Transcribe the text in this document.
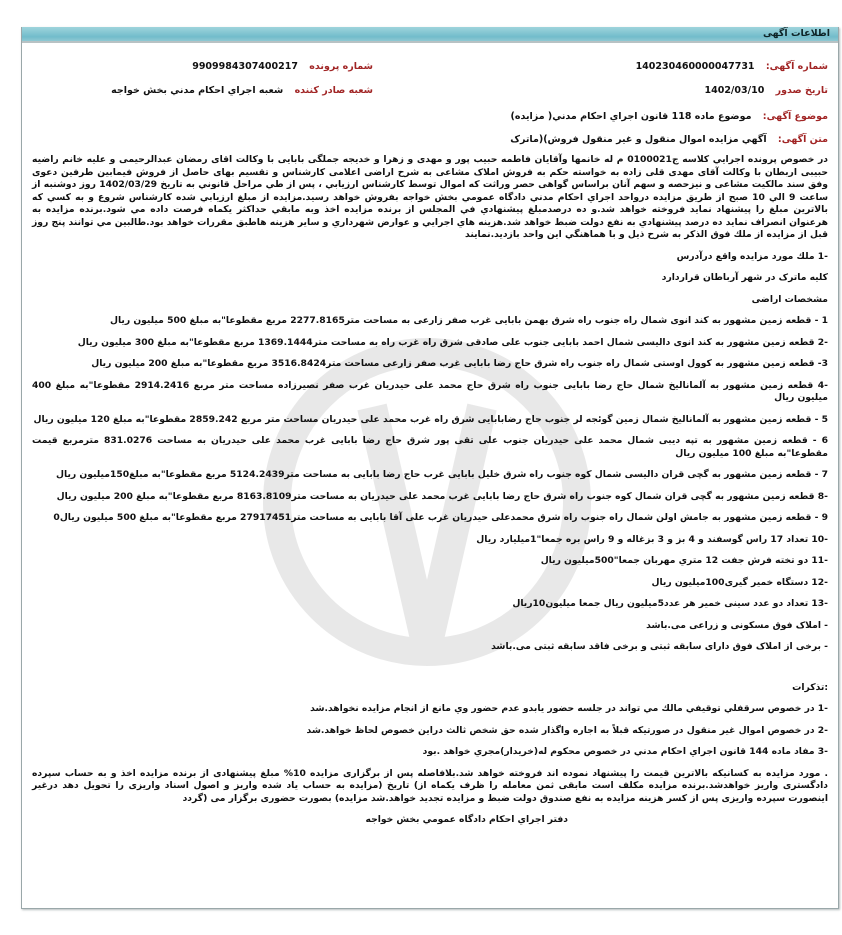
اطلاعات آگهی
شماره آگهی: 140230460000047731
شماره پرونده 9909984307400217
تاریخ صدور 1402/03/10
شعبه صادر کننده شعبه اجراي احكام مدني بخش خواجه
موضوع آگهی: موضوع ماده 118 قانون اجراي احكام مدني( مزايده)
متن آگهی: آگهي مزايده اموال منقول و غير منقول فروش)(ماترک

در خصوص پرونده اجرايي كلاسه ج0100021 م له خانمها وآقايان فاطمه حبیب پور و مهدی و زهرا و خدیجه جملگی بابایی با وکالت اقای رمضان عبدالرحیمی و علیه خانم راضیه حبیبی اربطان با وکالت آقای مهدی قلی زاده به خواسته حکم به فروش املاک مشاعی به شرح اراضی اعلامی کارشناس و تقسیم بهای حاصل از فروش فیمابین طرفین دعوی وفق سند مالکیت مشاعی و نیزحصه و سهم آنان براساس گواهی حصر وراثت که اموال توسط كارشناس ارزيابي ، پس از طي مراحل قانوني به تاريخ 1402/03/29 روز دوشنبه از ساعت 9 الي 10 صبح از طريق مزايده درواحد اجراي احكام مدني دادگاه عمومي بخش خواجه بفروش خواهد رسيد.مزايده از مبلغ ارزيابي شده كارشناس شروع و به كسي كه بالاترين مبلغ را پيشنهاد نمايد فروخته خواهد شد.و ده درصدمبلغ پيشنهادي في المجلس از برنده مزايده اخذ وبه مابقي حداكثر يكماه فرصت داده مي شود.برنده مزايده به هرعنوان انصراف نمايد ده درصد پيشنهادي به نفع دولت ضبط خواهد شد.هزينه هاي اجرايي و عوارض شهرداري و ساير هزينه هاطبق مقررات خواهد بود.طالبين مي توانند پنج روز قبل از مزايده از ملك فوق الذكر به شرح ذيل و با هماهنگي اين واحد بازديد.نمايند

-1 ملك مورد مزايده واقع درآدرس

كليه ماترک در شهر آرباطان قراردارد

مشخصات اراضی

1 - قطعه زمین مشهور به کند انوی شمال راه جنوب راه شرق بهمن بابایی غرب صفر زارعی به مساحت متر2277.8165 مربع مقطوعا"به مبلغ 500 میلیون ریال

-2 قطعه زمین مشهور به کند انوی دالیسی شمال احمد بابایی جنوب علی صادقی شرق راه غرب راه به مساحت متر1369.1444 مربع مقطوعا"به مبلغ 300 میلیون ریال

3- قطعه زمین مشهور به کوول اوستی شمال راه جنوب راه شرق حاج رضا بابایی غرب صفر زارعی مساحت متر3516.8424 مربع مقطوعا"به مبلغ 200 میلیون ریال

-4 قطعه زمین مشهور به آلمانالیخ شمال حاج رضا بابایی جنوب راه شرق حاج محمد علی حیدریان غرب صفر نصیرزاده مساحت متر مربع 2914.2416 مقطوعا"به مبلغ 400 میلیون ریال

5 - قطعه زمین مشهور به آلمانالیخ شمال زمین گوئجه لر جنوب حاج رضابابایی شرق راه غرب محمد علی حیدریان مساحت متر مربع 2859.242 مقطوعا"به مبلغ 120 میلیون ریال

6 - قطعه زمین مشهور به تپه دیبی شمال محمد علی حیدریان جنوب علی تقی پور شرق حاج رضا بابایی غرب محمد علی حیدریان به مساحت 831.0276 مترمربع قیمت مقطوعا"به مبلغ 100 میلیون ریال

7 - قطعه زمین مشهور به گچی قران دالیسی شمال کوه جنوب راه شرق خلیل بابایی غرب حاج رضا بابایی به مساحت متر5124.2439 مربع مقطوعا"به مبلغ150میلیون ریال

-8 قطعه زمین مشهور به گچی قران شمال کوه جنوب راه شرق حاج رضا بابایی غرب محمد علی حیدریان به مساحت متر8163.8109 مربع مقطوعا"به مبلغ 200 میلیون ریال

9 - قطعه زمین مشهور به جامش اولن شمال راه جنوب راه شرق محمدعلی حیدریان غرب علی آقا بابایی به مساحت متر27917451 مربع مقطوعا"به مبلغ 500 میلیون ریال0

-10 تعداد 17 راس گوسفند و 4 بز و 3 بزغاله و 9 راس بره جمعا"1میلیارد ریال

-11 دو تخته فرش جفت 12 متري مهربان جمعا"500میلیون ریال

-12 دستگاه خمیر گیری100میلیون ریال

-13 تعداد دو عدد سینی خمیر هر عدد5میلیون ریال جمعا میلیون10ریال

- املاک فوق مسکونی و زراعی می.باشد

- برخی از املاک فوق دارای سابقه ثبتی و برخی فاقد سابقه ثبتی می.باشد

:تذکرات

-1 در خصوص سرقفلي توقيفي مالك مي تواند در جلسه حضور يابدو عدم حضور وي مانع از انجام مزايده نخواهد.شد

-2 در خصوص اموال غير منقول در صورتيكه قبلاً به اجاره واگذار شده حق شخص ثالث دراين خصوص لحاظ خواهد.شد

-3 مفاد ماده 144 قانون اجراي احكام مدني در خصوص محكوم له(خريدار)مجري خواهد .بود

. مورد مزایده به کسانیکه بالاترین قیمت را پیشنهاد نموده اند فروخته خواهد شد.بلافاصله پس از برگزاری مزایده 10% مبلغ پیشنهادی از برنده مزایده اخذ و به حساب سپرده دادگستری واریز خواهدشد.برنده مزایده مکلف است مابقی ثمن معامله را ظرف یکماه از) تاریخ (مزایده به حساب یاد شده واریز و اصول اسناد واریزی را تحویل دهد درغیر اینصورت سپرده واریزی پس از کسر هزینه مزایده به نفع صندوق دولت ضبط و مزایده تجدید خواهد.شد مزایده) بصورت حضوری برگزار می (گردد

دفتر اجراي احكام دادگاه عمومي بخش خواجه
